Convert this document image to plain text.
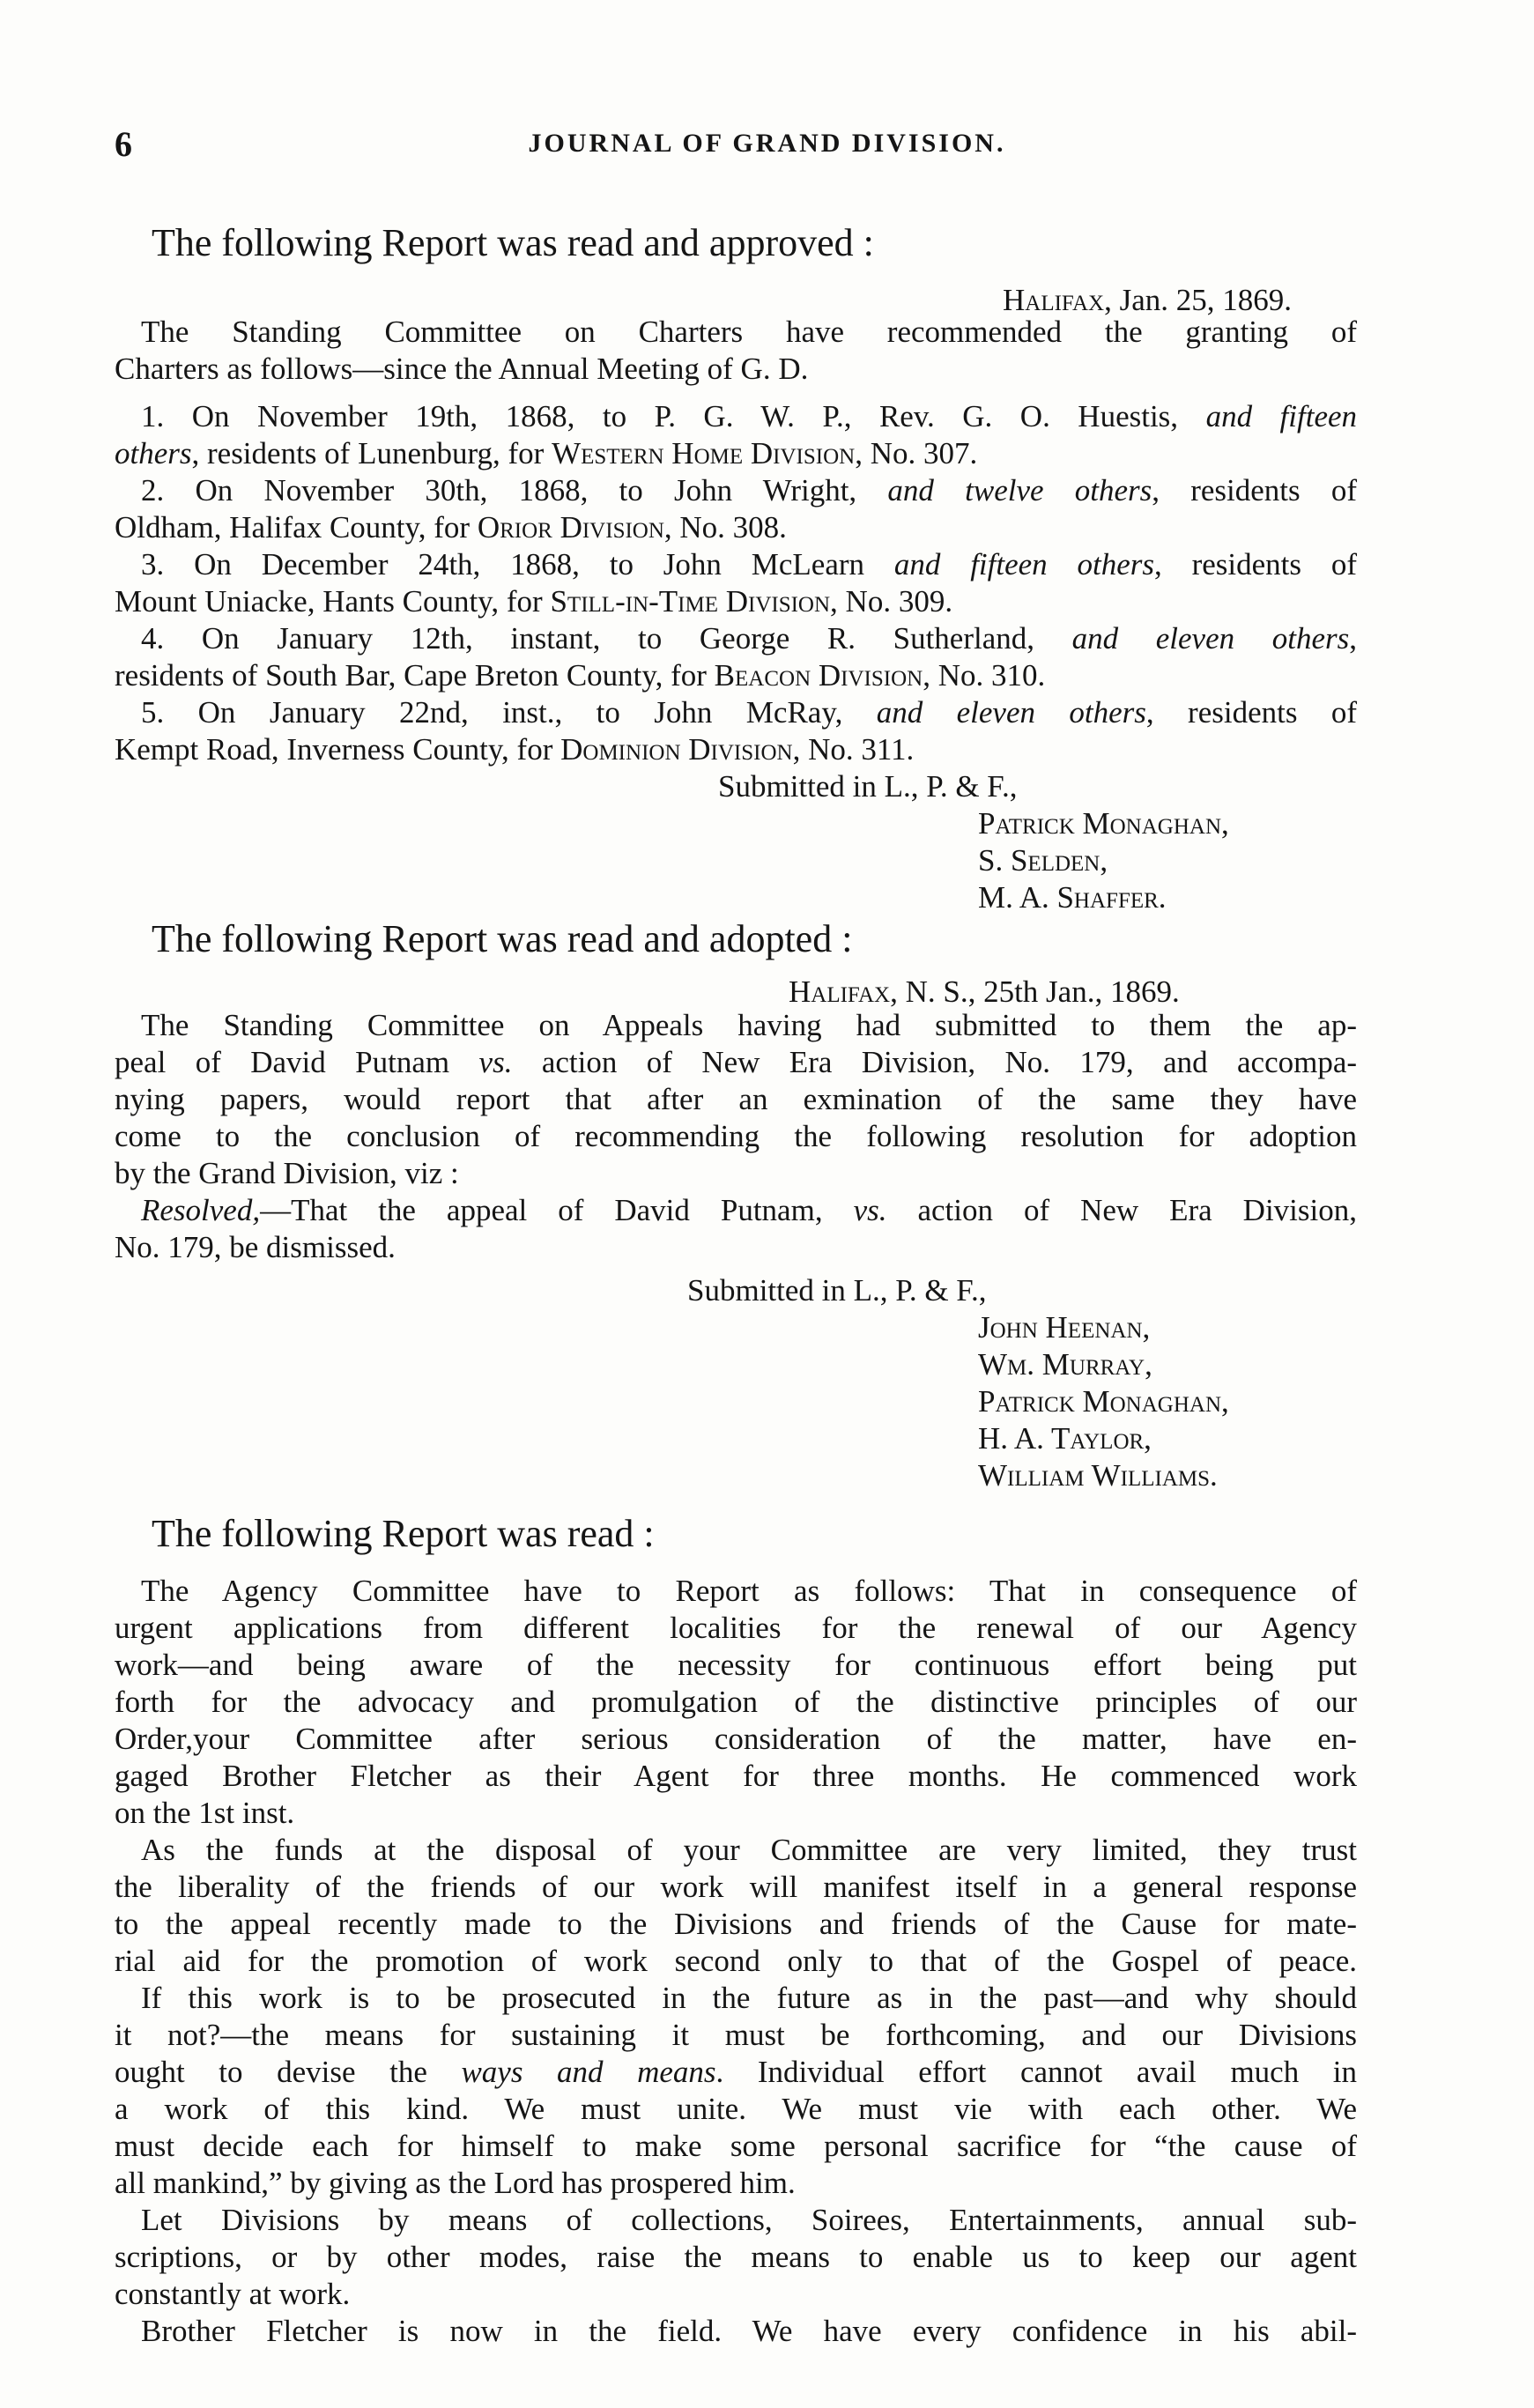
6	JOURNAL OF GRAND DIVISION.
The following Report was read and approved :
Halifax, Jan. 25, 1869.
The Standing Committee on Charters have recommended the granting of
Charters as follows—since the Annual Meeting of G. D.
1. On November 19th, 1868, to P. G. W. P., Rev. G. O. Huestis, and fifteen
others, residents of Lunenburg, for Western Home Division, No. 307.
2. On November 30th, 1868, to John Wright, and twelve others, residents of
Oldham, Halifax County, for Orior Division, No. 308.
3. On December 24th, 1868, to John McLearn and fifteen others, residents of
Mount Uniacke, Hants County, for Still-in-Time Division, No. 309.
4. On January 12th, instant, to George R. Sutherland, and eleven others,
residents of South Bar, Cape Breton County, for Beacon Division, No. 310.
5. On January 22nd, inst., to John McRay, and eleven others, residents of
Kempt Road, Inverness County, for Dominion Division, No. 311.
Submitted in L., P. & F.,
Patrick Monaghan,
S. Selden,
M. A. Shaffer.
The following Report was read and adopted :
Halifax, N. S., 25th Jan., 1869.
The Standing Committee on Appeals having had submitted to them the ap-
peal of David Putnam vs. action of New Era Division, No. 179, and accompa-
nying papers, would report that after an exmination of the same they have
come to the conclusion of recommending the following resolution for adoption
by the Grand Division, viz :
Resolved,—That the appeal of David Putnam, vs. action of New Era Division,
No. 179, be dismissed.
Submitted in L., P. & F.,
John Heenan,
Wm. Murray,
Patrick Monaghan,
H. A. Taylor,
William Williams.
The following Report was read :
The Agency Committee have to Report as follows: That in consequence of
urgent applications from different localities for the renewal of our Agency
work—and being aware of the necessity for continuous effort being put
forth for the advocacy and promulgation of the distinctive principles of our
Order,your Committee after serious consideration of the matter, have en-
gaged Brother Fletcher as their Agent for three months. He commenced work
on the 1st inst.
As the funds at the disposal of your Committee are very limited, they trust
the liberality of the friends of our work will manifest itself in a general response
to the appeal recently made to the Divisions and friends of the Cause for mate-
rial aid for the promotion of work second only to that of the Gospel of peace.
If this work is to be prosecuted in the future as in the past—and why should
it not?—the means for sustaining it must be forthcoming, and our Divisions
ought to devise the ways and means. Individual effort cannot avail much in
a work of this kind. We must unite. We must vie with each other. We
must decide each for himself to make some personal sacrifice for “the cause of
all mankind,” by giving as the Lord has prospered him.
Let Divisions by means of collections, Soirees, Entertainments, annual sub-
scriptions, or by other modes, raise the means to enable us to keep our agent
constantly at work.
Brother Fletcher is now in the field. We have every confidence in his abil-
